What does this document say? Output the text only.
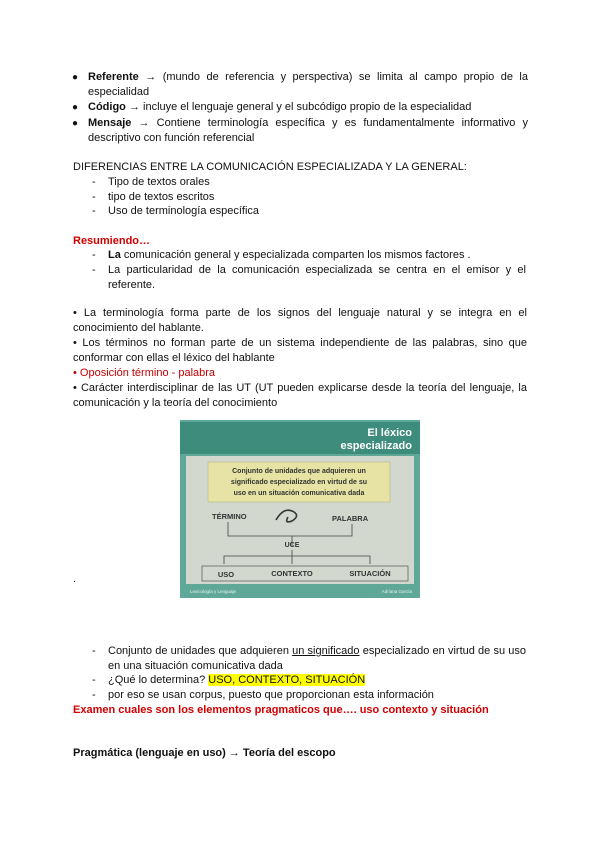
● Referente → (mundo de referencia y perspectiva) se limita al campo propio de la especialidad
● Código → incluye el lenguaje general y el subcódigo propio de la especialidad
● Mensaje → Contiene terminología específica y es fundamentalmente informativo y descriptivo con función referencial
DIFERENCIAS ENTRE LA COMUNICACIÓN ESPECIALIZADA Y LA GENERAL:
- Tipo de textos orales
- tipo de textos escritos
- Uso de terminología específica
Resumiendo…
- La comunicación general y especializada comparten los mismos factores .
- La particularidad de la comunicación especializada se centra en el emisor y el referente.
• La terminología forma parte de los signos del lenguaje natural y se integra en el conocimiento del hablante.
• Los términos no forman parte de un sistema independiente de las palabras, sino que conformar con ellas el léxico del hablante
• Oposición término - palabra
• Carácter interdisciplinar de las UT (UT pueden explicarse desde la teoría del lenguaje, la comunicación y la teoría del conocimiento
El léxico
especializado
Conjunto de unidades que adquieren un
significado especializado en virtud de su
uso en un situación comunicativa dada
TÉRMINO	PALABRA
UCE
USO	CONTEXTO	SITUACIÓN
Lexicología y Lenguaje	Adriana García
.
- Conjunto de unidades que adquieren un significado especializado en virtud de su uso en una situación comunicativa dada
- ¿Qué lo determina? USO, CONTEXTO, SITUACIÓN
- por eso se usan corpus, puesto que proporcionan esta información
Examen cuales son los elementos pragmaticos que…. uso contexto y situación
Pragmática (lenguaje en uso) → Teoría del escopo
